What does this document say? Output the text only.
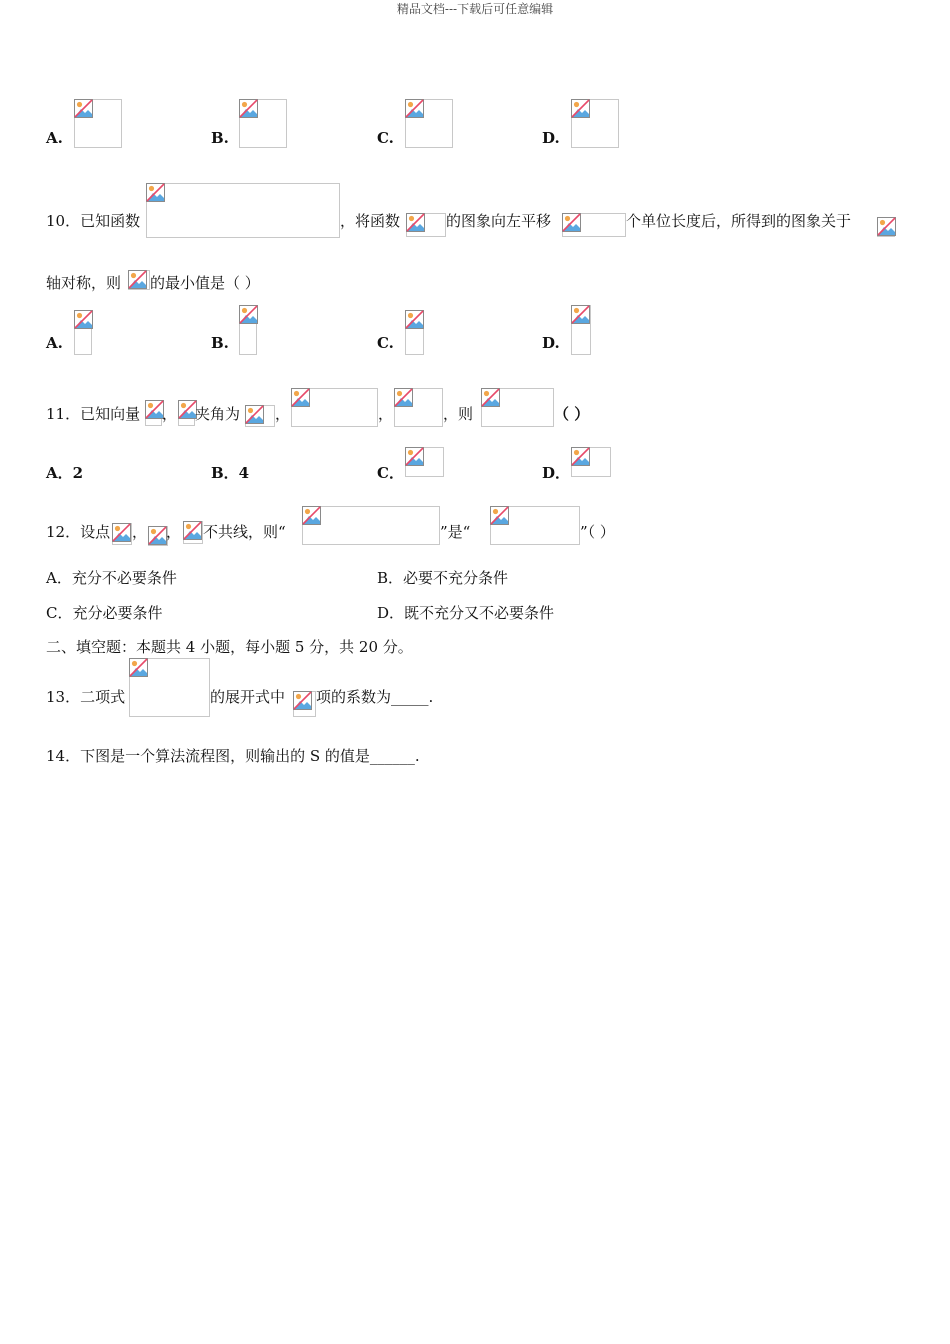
精品文档---下载后可任意编辑
A.	B.	C.	D.
10．已知函数	，将函数	的图象向左平移	个单位长度后，所得到的图象关于
轴对称，则 的最小值是（ ）
A.	B.	C.	D.
11．已知向量 ， 夹角为 ，	，	，则	（ ）
A．2	B．4	C．	D．
12．设点 ， ， 不共线，则“	”是“	”（ ）
A．充分不必要条件	B．必要不充分条件
C．充分必要条件	D．既不充分又不必要条件
二、填空题：本题共 4 小题，每小题 5 分，共 20 分。
13．二项式	的展开式中 项的系数为_____.
14．下图是一个算法流程图，则输出的 S 的值是______.
